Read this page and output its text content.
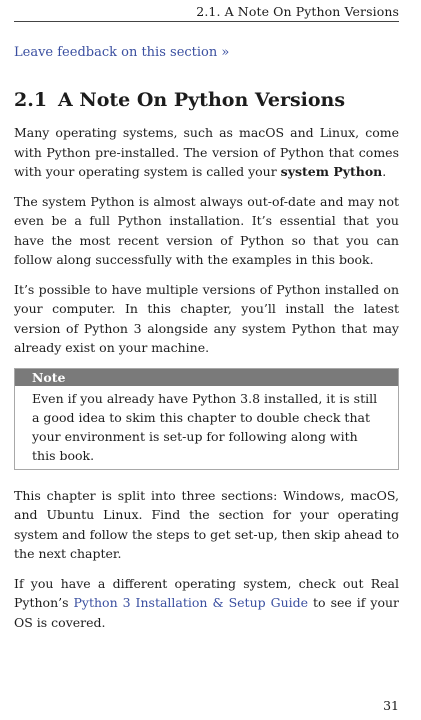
2.1. A Note On Python Versions
Leave feedback on this section »
2.1 A Note On Python Versions

Many operating systems, such as macOS and Linux, come with Python pre-installed. The version of Python that comes with your operating system is called your system Python.

The system Python is almost always out-of-date and may not even be a full Python installation. It’s essential that you have the most recent version of Python so that you can follow along successfully with the examples in this book.

It’s possible to have multiple versions of Python installed on your computer. In this chapter, you’ll install the latest version of Python 3 alongside any system Python that may already exist on your machine.

Note
Even if you already have Python 3.8 installed, it is still a good idea to skim this chapter to double check that your environment is set-up for following along with this book.

This chapter is split into three sections: Windows, macOS, and Ubuntu Linux. Find the section for your operating system and follow the steps to get set-up, then skip ahead to the next chapter.

If you have a different operating system, check out Real Python’s Python 3 Installation & Setup Guide to see if your OS is covered.

31
